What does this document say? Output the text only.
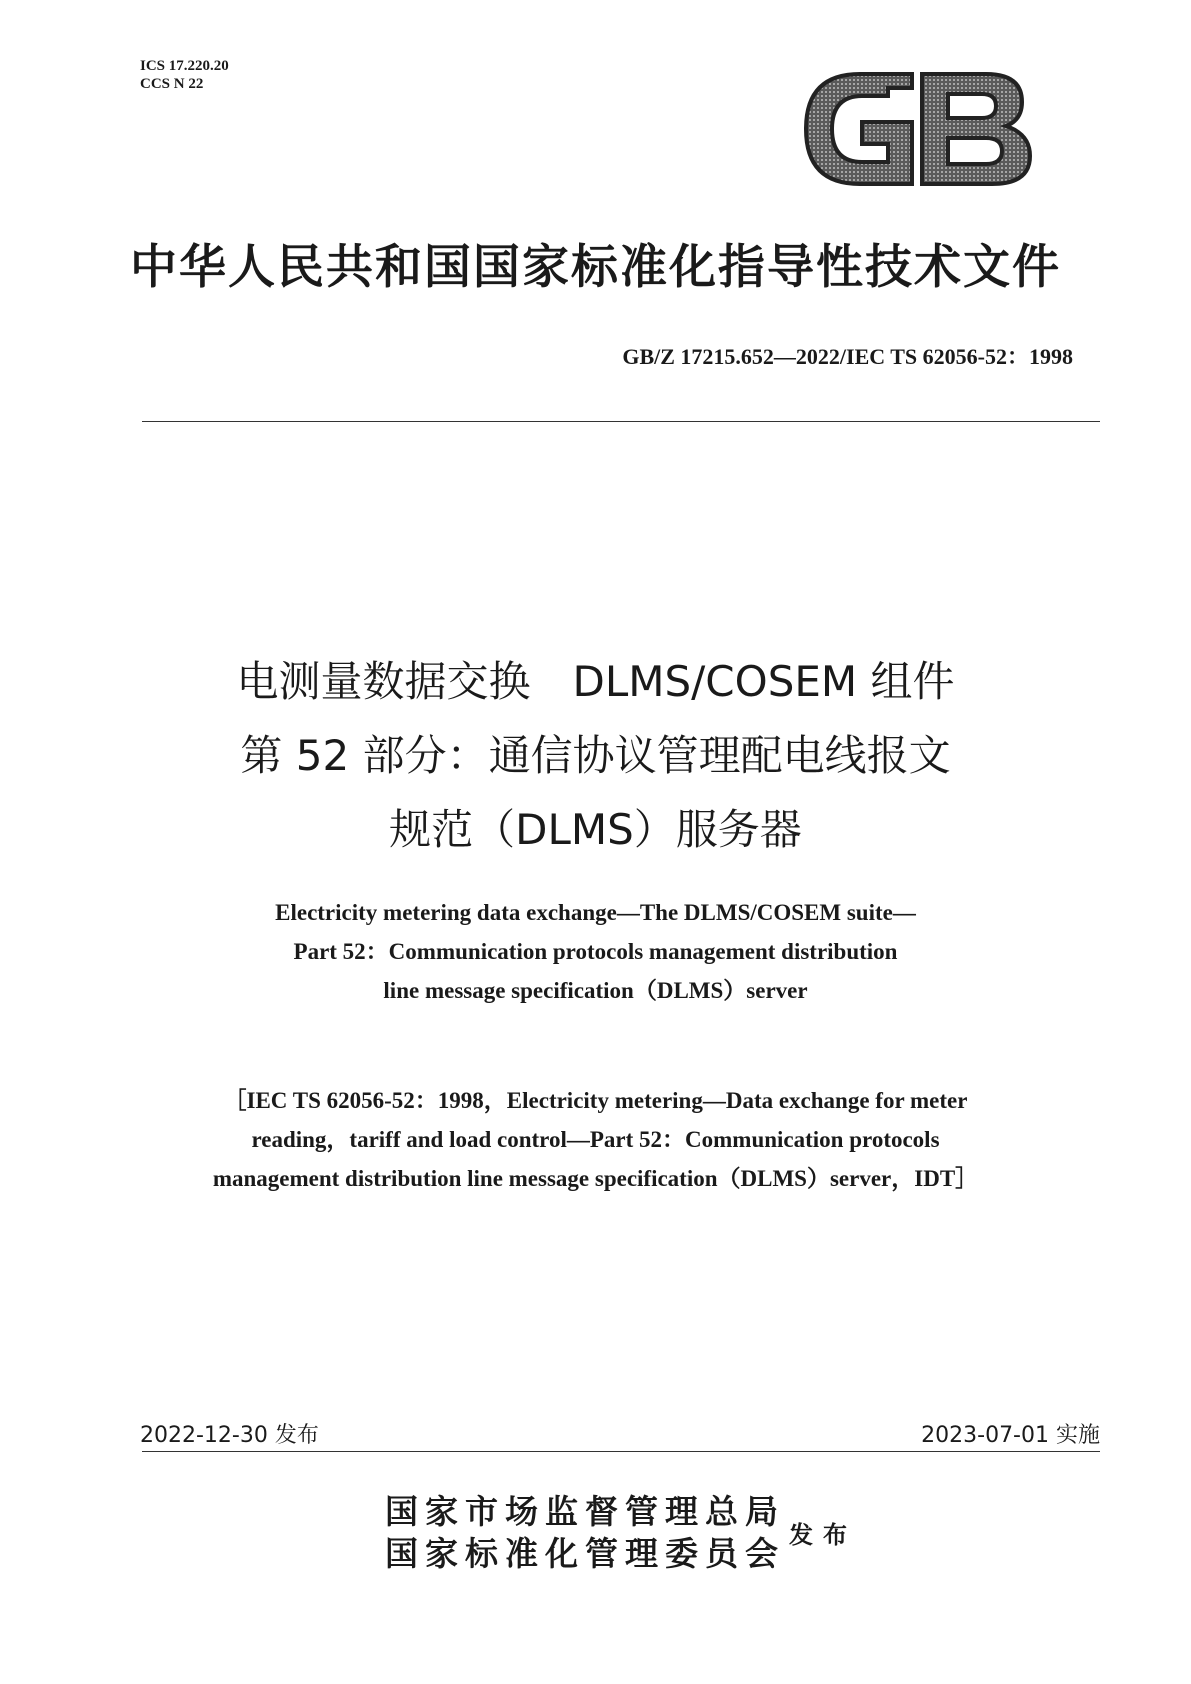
ICS 17.220.20
CCS N 22
中华人民共和国国家标准化指导性技术文件
GB/Z 17215.652—2022/IEC TS 62056-52：1998
电测量数据交换　DLMS/COSEM 组件
第 52 部分：通信协议管理配电线报文
规范（DLMS）服务器
Electricity metering data exchange—The DLMS/COSEM suite—
Part 52：Communication protocols management distribution
line message specification（DLMS）server
［IEC TS 62056-52：1998，Electricity metering—Data exchange for meter
reading，tariff and load control—Part 52：Communication protocols
management distribution line message specification（DLMS）server，IDT］
2022-12-30 发布	2023-07-01 实施
国家市场监督管理总局
国家标准化管理委员会 发布
